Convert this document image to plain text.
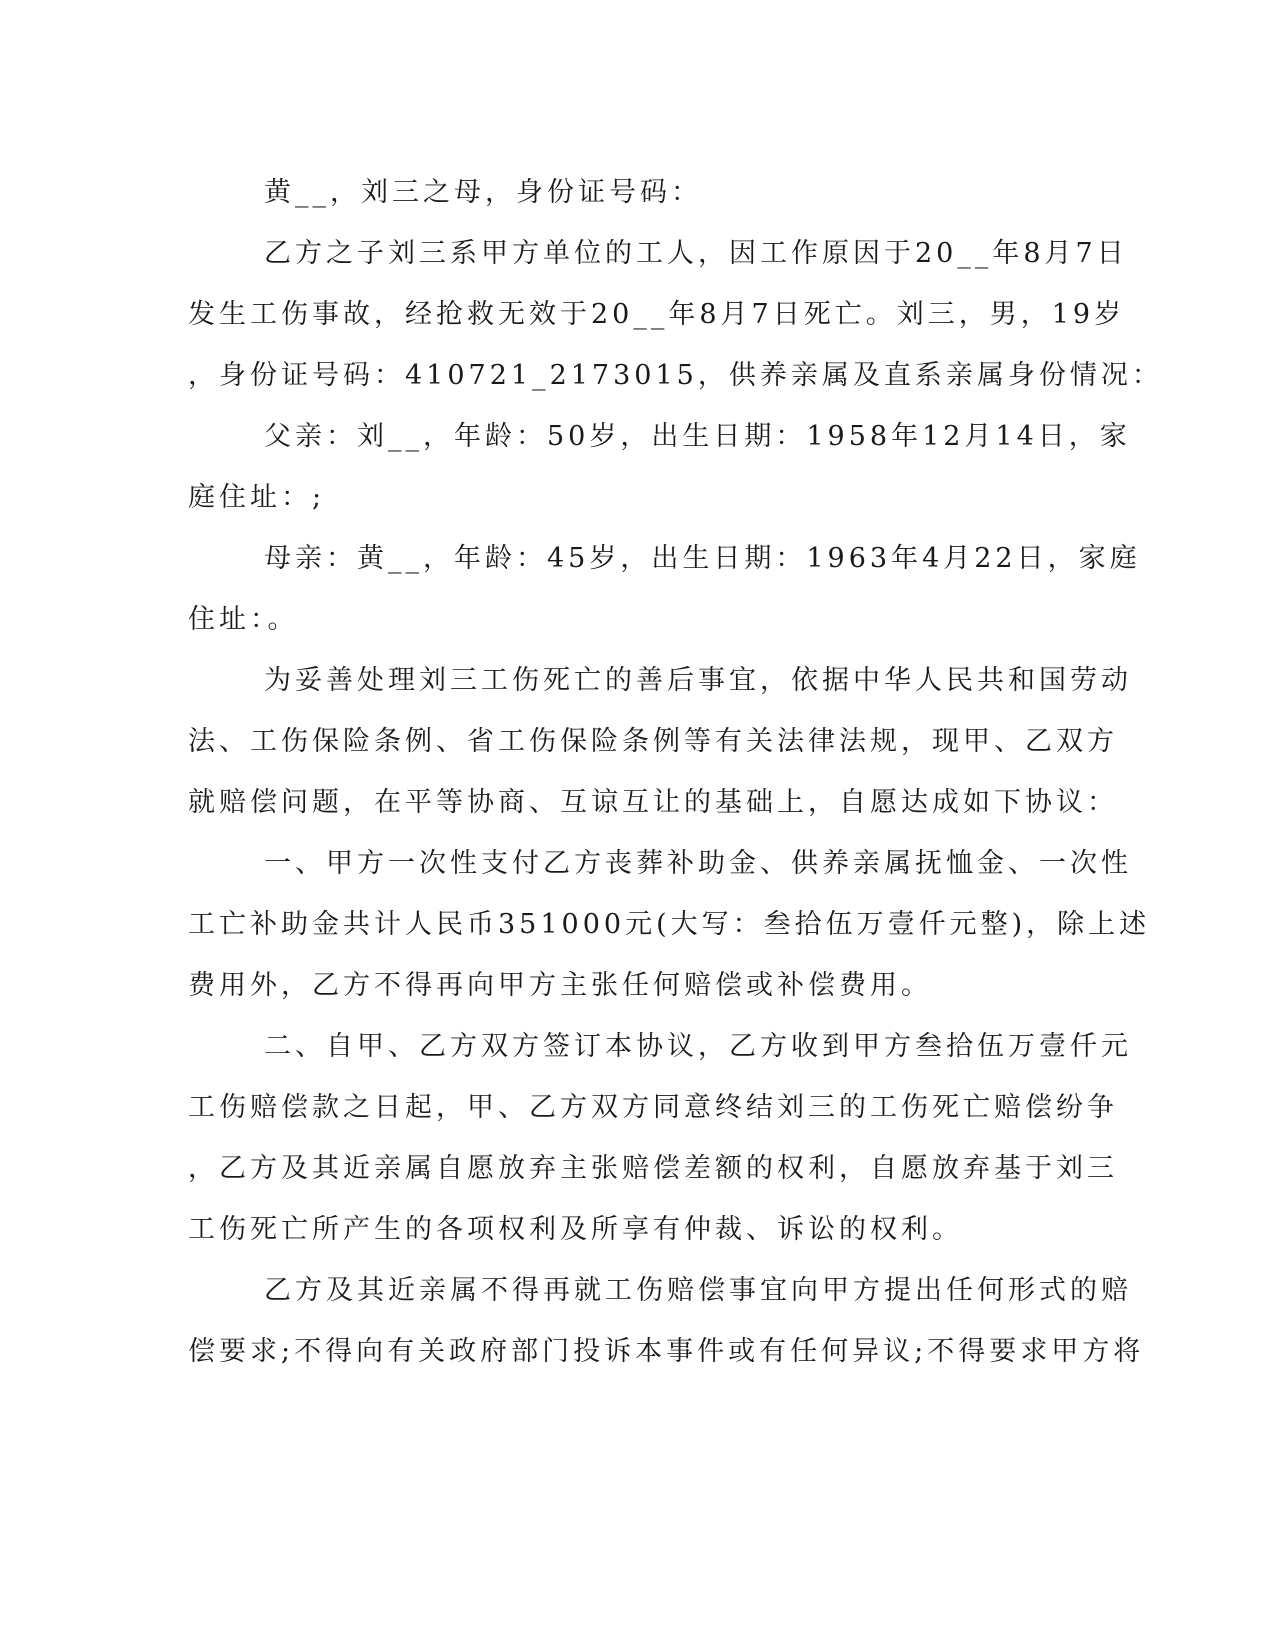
黄__，刘三之母，身份证号码：
乙方之子刘三系甲方单位的工人，因工作原因于20__年8月7日
发生工伤事故，经抢救无效于20__年8月7日死亡。刘三，男，19岁
，身份证号码：410721_2173015，供养亲属及直系亲属身份情况：
父亲：刘__，年龄：50岁，出生日期：1958年12月14日，家
庭住址：;
母亲：黄__，年龄：45岁，出生日期：1963年4月22日，家庭
住址：。
为妥善处理刘三工伤死亡的善后事宜，依据中华人民共和国劳动
法、工伤保险条例、省工伤保险条例等有关法律法规，现甲、乙双方
就赔偿问题，在平等协商、互谅互让的基础上，自愿达成如下协议：
一、甲方一次性支付乙方丧葬补助金、供养亲属抚恤金、一次性
工亡补助金共计人民币351000元(大写：叁拾伍万壹仟元整)，除上述
费用外，乙方不得再向甲方主张任何赔偿或补偿费用。
二、自甲、乙方双方签订本协议，乙方收到甲方叁拾伍万壹仟元
工伤赔偿款之日起，甲、乙方双方同意终结刘三的工伤死亡赔偿纷争
，乙方及其近亲属自愿放弃主张赔偿差额的权利，自愿放弃基于刘三
工伤死亡所产生的各项权利及所享有仲裁、诉讼的权利。
乙方及其近亲属不得再就工伤赔偿事宜向甲方提出任何形式的赔
偿要求;不得向有关政府部门投诉本事件或有任何异议;不得要求甲方将
